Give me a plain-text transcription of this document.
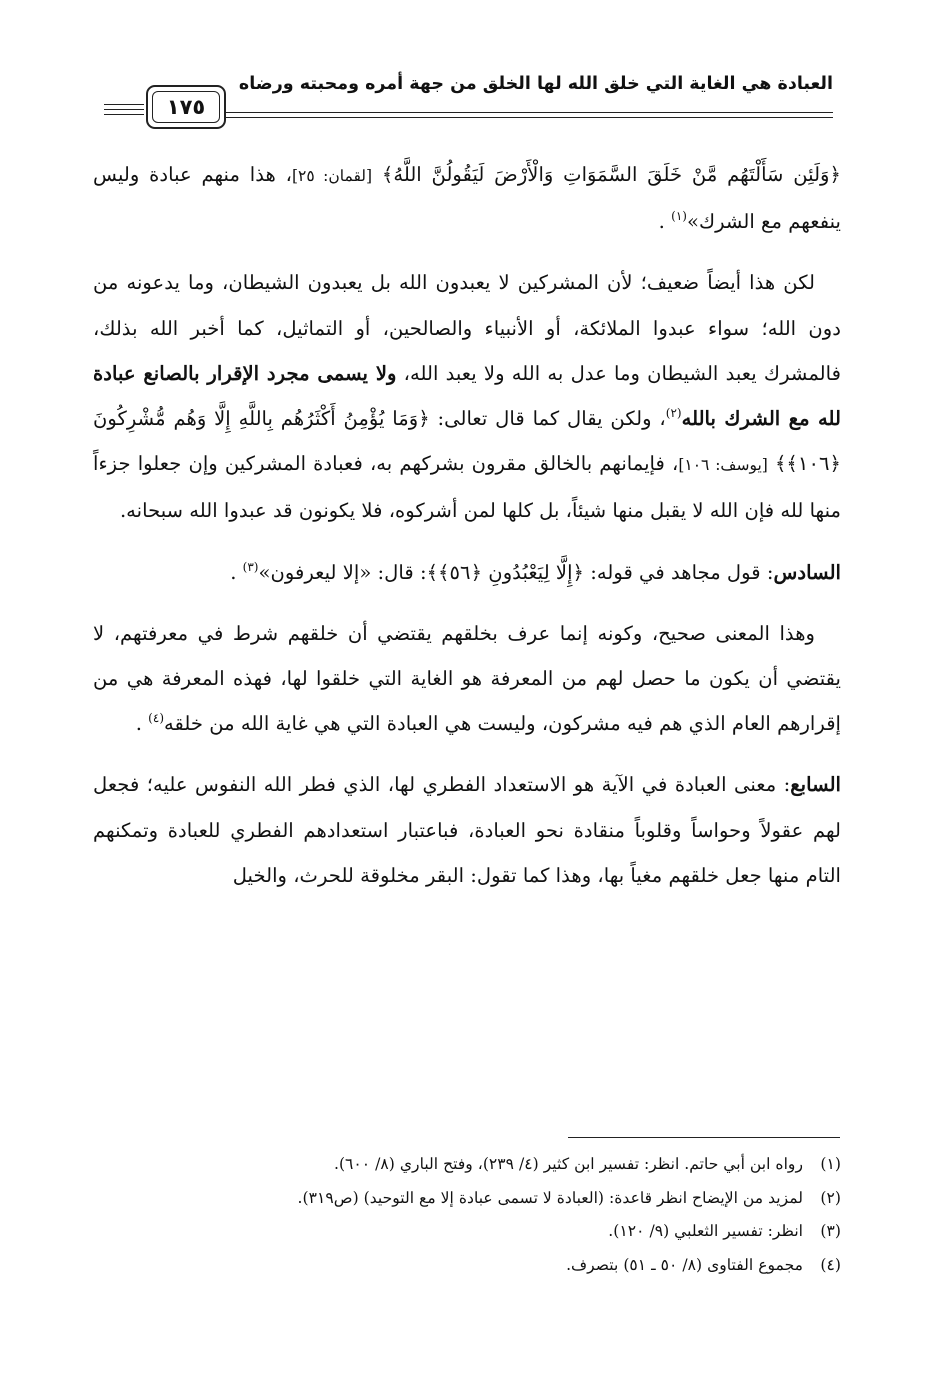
العبادة هي الغاية التي خلق الله لها الخلق من جهة أمره ومحبته ورضاه
١٧٥

﴿وَلَئِن سَأَلْتَهُم مَّنْ خَلَقَ السَّمَوَاتِ وَالْأَرْضَ لَيَقُولُنَّ اللَّهُ﴾ [لقمان: ٢٥]، هذا منهم عبادة وليس ينفعهم مع الشرك»$^{(١)}$ .

لكن هذا أيضاً ضعيف؛ لأن المشركين لا يعبدون الله بل يعبدون الشيطان، وما يدعونه من دون الله؛ سواء عبدوا الملائكة، أو الأنبياء والصالحين، أو التماثيل، كما أخبر الله بذلك، فالمشرك يعبد الشيطان وما عدل به الله ولا يعبد الله، ولا يسمى مجرد الإقرار بالصانع عبادة لله مع الشرك بالله$^{(٢)}$، ولكن يقال كما قال تعالى: ﴿وَمَا يُؤْمِنُ أَكْثَرُهُم بِاللَّهِ إِلَّا وَهُم مُّشْرِكُونَ ﴿١٠٦﴾﴾ [يوسف: ١٠٦]، فإيمانهم بالخالق مقرون بشركهم به، فعبادة المشركين وإن جعلوا جزءاً منها لله فإن الله لا يقبل منها شيئاً، بل كلها لمن أشركوه، فلا يكونون قد عبدوا الله سبحانه.

السادس: قول مجاهد في قوله: ﴿إِلَّا لِيَعْبُدُونِ ﴿٥٦﴾﴾: قال: «إلا ليعرفون»$^{(٣)}$ .

وهذا المعنى صحيح، وكونه إنما عرف بخلقهم يقتضي أن خلقهم شرط في معرفتهم، لا يقتضي أن يكون ما حصل لهم من المعرفة هو الغاية التي خلقوا لها، فهذه المعرفة هي من إقرارهم العام الذي هم فيه مشركون، وليست هي العبادة التي هي غاية الله من خلقه$^{(٤)}$ .

السابع: معنى العبادة في الآية هو الاستعداد الفطري لها، الذي فطر الله النفوس عليه؛ فجعل لهم عقولاً وحواساً وقلوباً منقادة نحو العبادة، فباعتبار استعدادهم الفطري للعبادة وتمكنهم التام منها جعل خلقهم مغياً بها، وهذا كما تقول: البقر مخلوقة للحرث، والخيل

(١)
رواه ابن أبي حاتم. انظر: تفسير ابن كثير (٤/ ٢٣٩)، وفتح الباري (٨/ ٦٠٠).
(٢)
لمزيد من الإيضاح انظر قاعدة: (العبادة لا تسمى عبادة إلا مع التوحيد) (ص٣١٩).
(٣)
انظر: تفسير الثعلبي (٩/ ١٢٠).
(٤)
مجموع الفتاوى (٨/ ٥٠ ـ ٥١) بتصرف.
